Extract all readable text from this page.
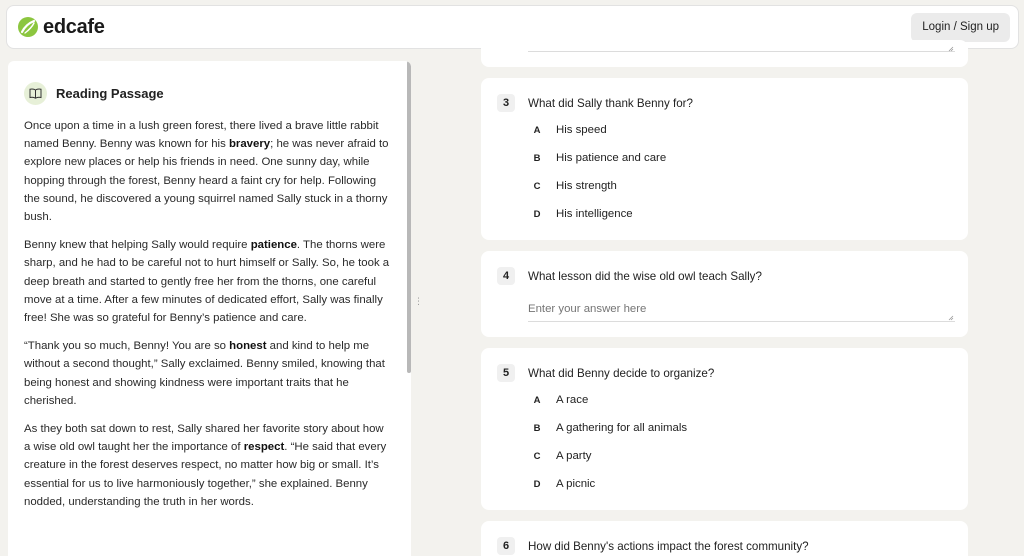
edcafe	Login / Sign up
Reading Passage

Once upon a time in a lush green forest, there lived a brave little rabbit named Benny. Benny was known for his bravery; he was never afraid to explore new places or help his friends in need. One sunny day, while hopping through the forest, Benny heard a faint cry for help. Following the sound, he discovered a young squirrel named Sally stuck in a thorny bush.

Benny knew that helping Sally would require patience. The thorns were sharp, and he had to be careful not to hurt himself or Sally. So, he took a deep breath and started to gently free her from the thorns, one careful move at a time. After a few minutes of dedicated effort, Sally was finally free! She was so grateful for Benny’s patience and care.

“Thank you so much, Benny! You are so honest and kind to help me without a second thought,” Sally exclaimed. Benny smiled, knowing that being honest and showing kindness were important traits that he cherished.

As they both sat down to rest, Sally shared her favorite story about how a wise old owl taught her the importance of respect. “He said that every creature in the forest deserves respect, no matter how big or small. It’s essential for us to live harmoniously together,” she explained. Benny nodded, understanding the truth in her words.

⋮
3	What did Sally thank Benny for?
A	His speed
B	His patience and care
C	His strength
D	His intelligence
4	What lesson did the wise old owl teach Sally?
Enter your answer here
5	What did Benny decide to organize?
A	A race
B	A gathering for all animals
C	A party
D	A picnic
6	How did Benny's actions impact the forest community?
